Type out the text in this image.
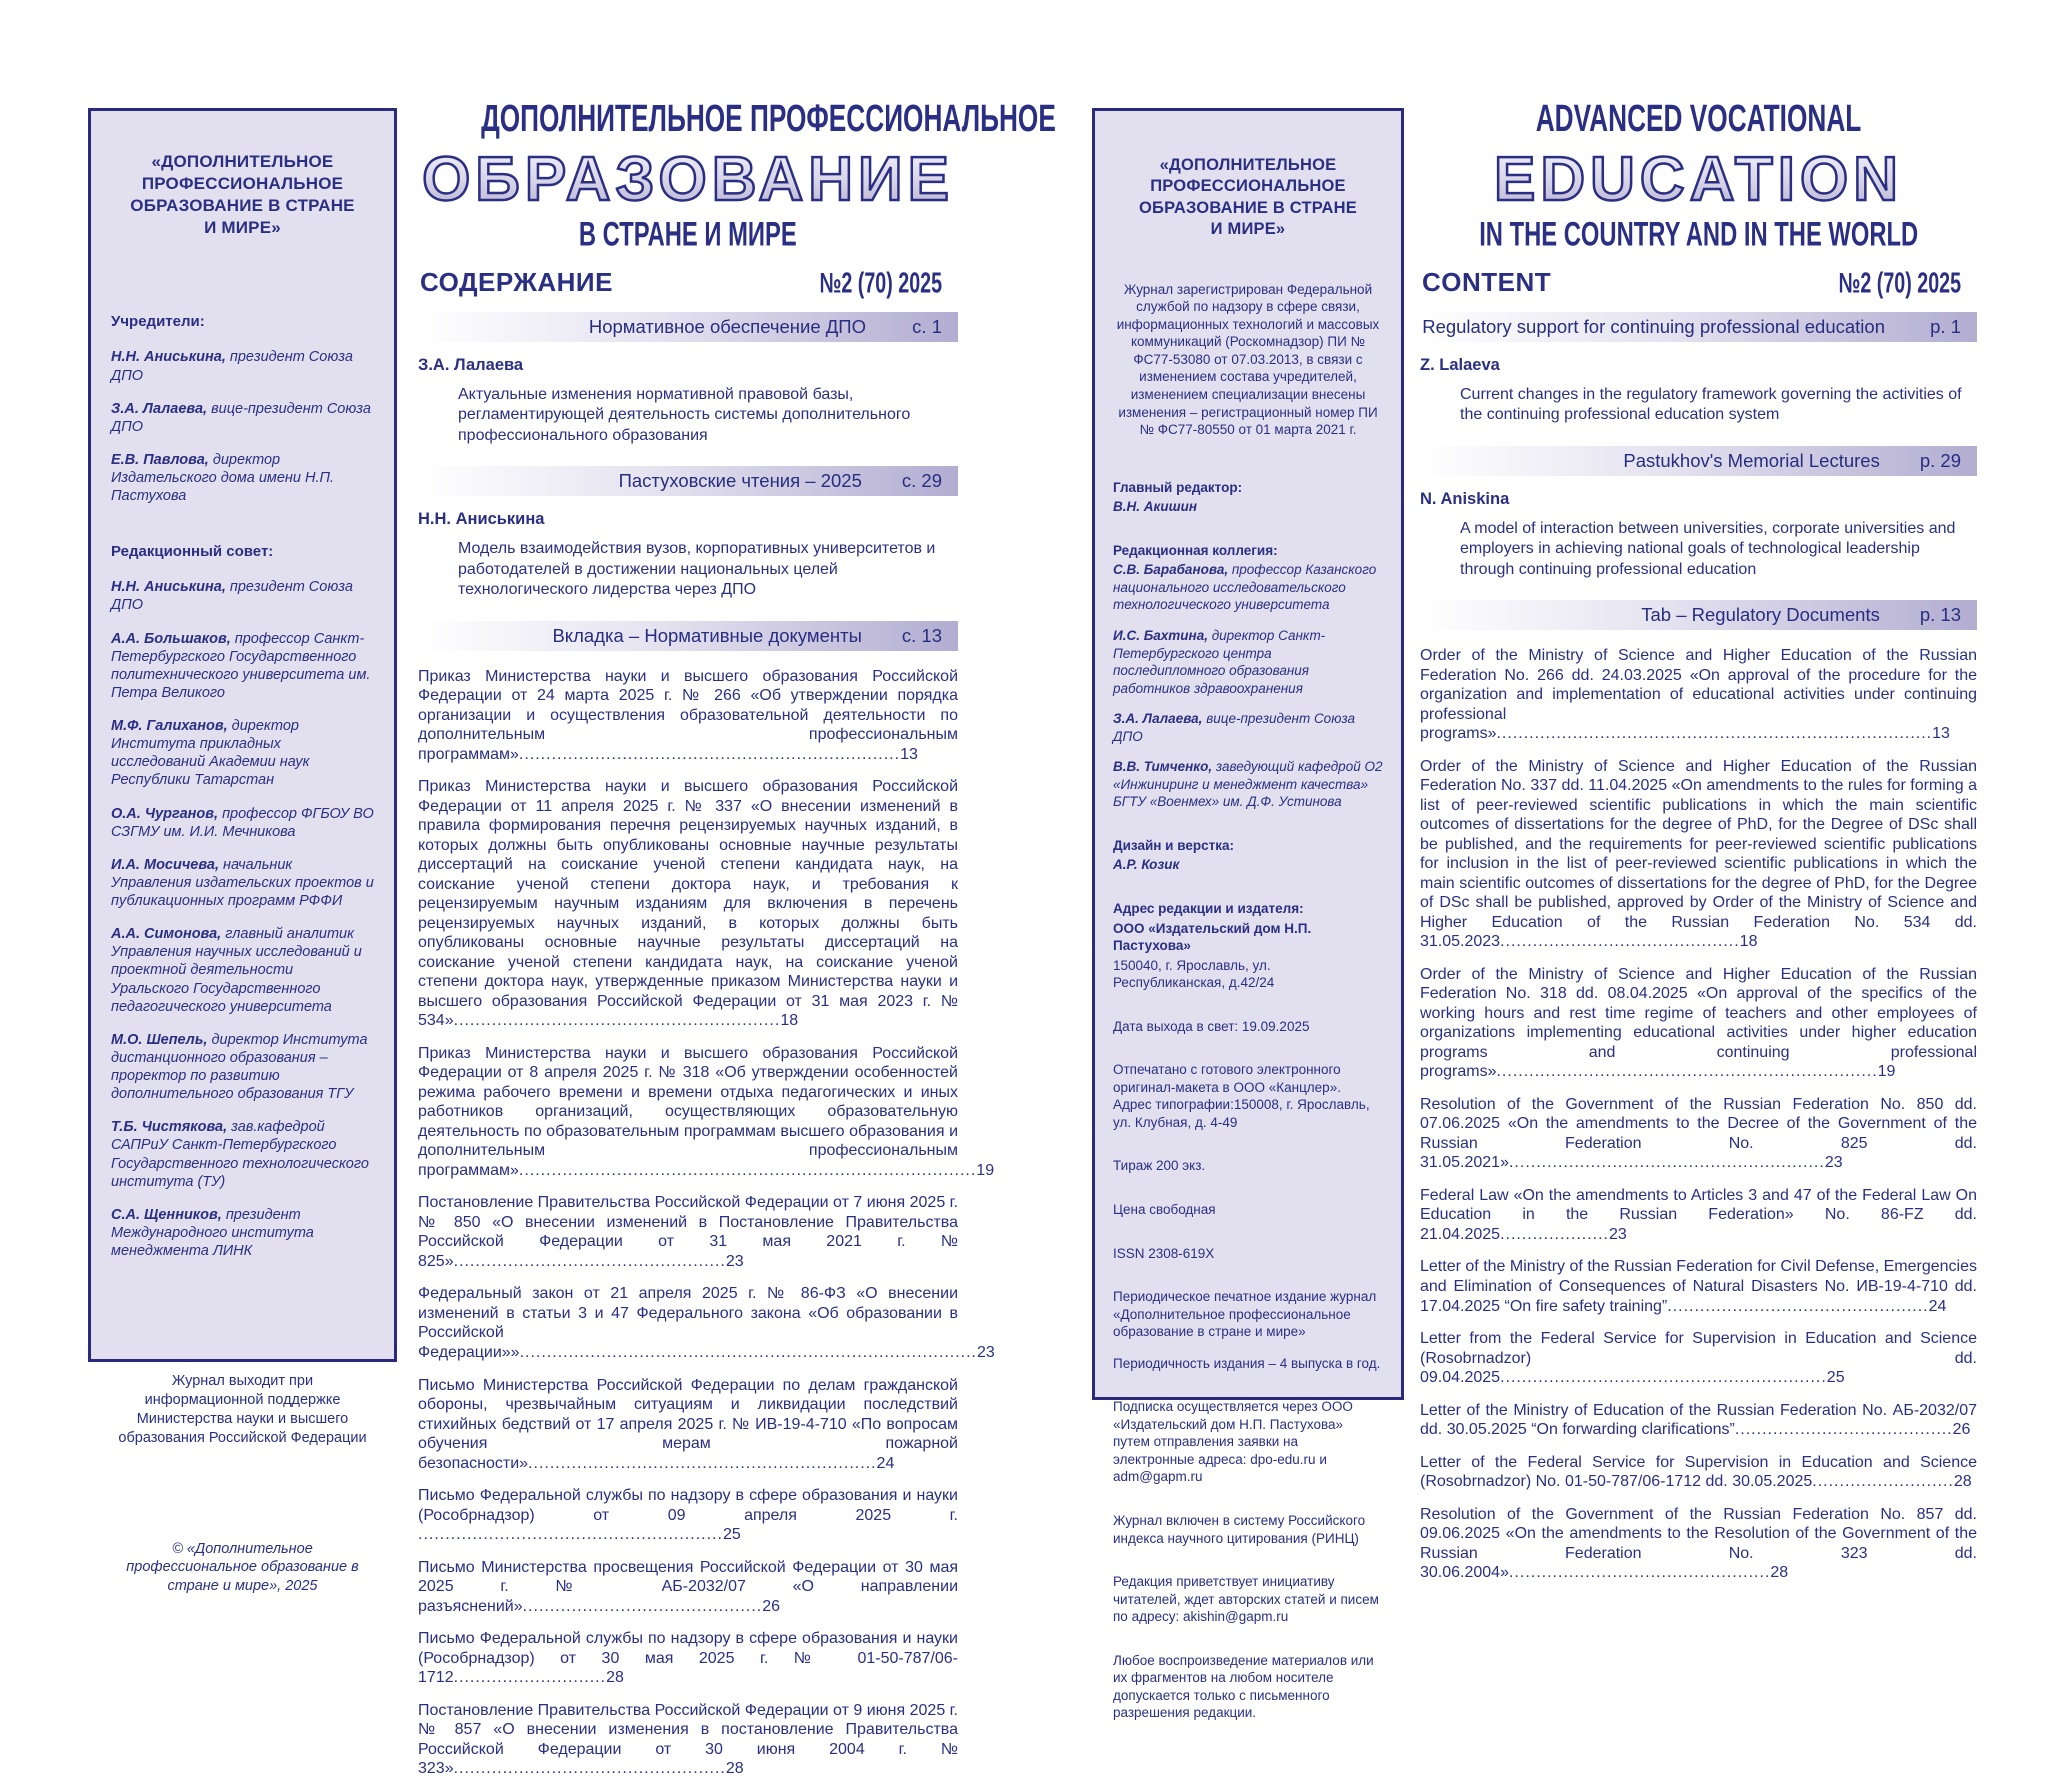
«ДОПОЛНИТЕЛЬНОЕ ПРОФЕССИОНАЛЬНОЕ ОБРАЗОВАНИЕ В СТРАНЕ И МИРЕ»

Учредители:

Н.Н. Аниськина, президент Союза ДПО

З.А. Лалаева, вице-президент Союза ДПО

Е.В. Павлова, директор Издательского дома имени Н.П. Пастухова

Редакционный совет:

Н.Н. Аниськина, президент Союза ДПО

А.А. Большаков, профессор Санкт-Петербургского Государственного политехнического университета им. Петра Великого

М.Ф. Галиханов, директор Института прикладных исследований Академии наук Республики Татарстан

О.А. Чурганов, профессор ФГБОУ ВО СЗГМУ им. И.И. Мечникова

И.А. Мосичева, начальник Управления издательских проектов и публикационных программ РФФИ

А.А. Симонова, главный аналитик Управления научных исследований и проектной деятельности Уральского Государственного педагогического университета

М.О. Шепель, директор Института дистанционного образования – проректор по развитию дополнительного образования ТГУ

Т.Б. Чистякова, зав.кафедрой САПРиУ Санкт-Петербургского Государственного технологического института (ТУ)

С.А. Щенников, президент Международного института менеджмента ЛИНК

Журнал выходит при информационной поддержке Министерства науки и высшего образования Российской Федерации

© «Дополнительное профессиональное образование в стране и мире», 2025

ДОПОЛНИТЕЛЬНОЕ ПРОФЕССИОНАЛЬНОЕ
ОБРАЗОВАНИЕ
В СТРАНЕ И МИРЕ
СОДЕРЖАНИЕ	№2 (70) 2025
Нормативное обеспечение ДПО	с. 1

З.А. Лалаева

Актуальные изменения нормативной правовой базы, регламентирующей деятельность системы дополнительного профессионального образования

Пастуховские чтения – 2025 с. 29

Н.Н. Аниськина

Модель взаимодействия вузов, корпоративных университетов и работодателей в достижении национальных целей технологического лидерства через ДПО

Вкладка – Нормативные документы с. 13

Приказ Министерства науки и высшего образования Российской Федерации от 24 марта 2025 г. № 266 «Об утверждении порядка организации и осуществления образовательной деятельности по дополнительным профессиональным программам»......................................................................13

Приказ Министерства науки и высшего образования Российской Федерации от 11 апреля 2025 г. № 337 «О внесении изменений в правила формирования перечня рецензируемых научных изданий, в которых должны быть опубликованы основные научные результаты диссертаций на соискание ученой степени кандидата наук, на соискание ученой степени доктора наук, и требования к рецензируемым научным изданиям для включения в перечень рецензируемых научных изданий, в которых должны быть опубликованы основные научные результаты диссертаций на соискание ученой степени кандидата наук, на соискание ученой степени доктора наук, утвержденные приказом Министерства науки и высшего образования Российской Федерации от 31 мая 2023 г. № 534»............................................................18

Приказ Министерства науки и высшего образования Российской Федерации от 8 апреля 2025 г. № 318 «Об утверждении особенностей режима рабочего времени и времени отдыха педагогических и иных работников организаций, осуществляющих образовательную деятельность по образовательным программам высшего образования и дополнительным профессиональным программам»....................................................................................19

Постановление Правительства Российской Федерации от 7 июня 2025 г. № 850 «О внесении изменений в Постановление Правительства Российской Федерации от 31 мая 2021 г. № 825»..................................................23

Федеральный закон от 21 апреля 2025 г. № 86-ФЗ «О внесении изменений в статьи 3 и 47 Федерального закона «Об образовании в Российской Федерации»»....................................................................................23

Письмо Министерства Российской Федерации по делам гражданской обороны, чрезвычайным ситуациям и ликвидации последствий стихийных бедствий от 17 апреля 2025 г. № ИВ-19-4-710 «По вопросам обучения мерам пожарной безопасности»................................................................24

Письмо Федеральной службы по надзору в сфере образования и науки (Рособрнадзор) от 09 апреля 2025 г. ........................................................25

Письмо Министерства просвещения Российской Федерации от 30 мая 2025 г. № АБ-2032/07 «О направлении разъяснений»............................................26

Письмо Федеральной службы по надзору в сфере образования и науки (Рособрнадзор) от 30 мая 2025 г. № 01-50-787/06-1712............................28

Постановление Правительства Российской Федерации от 9 июня 2025 г. № 857 «О внесении изменения в постановление Правительства Российской Федерации от 30 июня 2004 г. № 323»..................................................28

«ДОПОЛНИТЕЛЬНОЕ ПРОФЕССИОНАЛЬНОЕ ОБРАЗОВАНИЕ В СТРАНЕ И МИРЕ»

Журнал зарегистрирован Федеральной службой по надзору в сфере связи, информационных технологий и массовых коммуникаций (Роскомнадзор) ПИ № ФС77-53080 от 07.03.2013, в связи с изменением состава учредителей, изменением специализации внесены изменения – регистрационный номер ПИ № ФС77-80550 от 01 марта 2021 г.

Главный редактор:

В.Н. Акишин

Редакционная коллегия:

С.В. Барабанова, профессор Казанского национального исследовательского технологического университета

И.С. Бахтина, директор Санкт-Петербургского центра последипломного образования работников здравоохранения

З.А. Лалаева, вице-президент Союза ДПО

В.В. Тимченко, заведующий кафедрой О2 «Инжиниринг и менеджмент качества» БГТУ «Военмех» им. Д.Ф. Устинова

Дизайн и верстка:

А.Р. Козик

Адрес редакции и издателя:

ООО «Издательский дом Н.П. Пастухова»

150040, г. Ярославль, ул. Республиканская, д.42/24

Дата выхода в свет: 19.09.2025

Отпечатано с готового электронного оригинал-макета в ООО «Канцлер». Адрес типографии:150008, г. Ярославль, ул. Клубная, д. 4-49

Тираж 200 экз.

Цена свободная

ISSN 2308-619X

Периодическое печатное издание журнал «Дополнительное профессиональное образование в стране и мире»

Периодичность издания – 4 выпуска в год.

Подписка осуществляется через ООО «Издательский дом Н.П. Пастухова» путем отправления заявки на электронные адреса: dpo-edu.ru и adm@gapm.ru

Журнал включен в систему Российского индекса научного цитирования (РИНЦ)

Редакция приветствует инициативу читателей, ждет авторских статей и писем по адресу: akishin@gapm.ru

Любое воспроизведение материалов или их фрагментов на любом носителе допускается только с письменного разрешения редакции.

ADVANCED VOCATIONAL
EDUCATION
IN THE COUNTRY AND IN THE WORLD
CONTENT	№2 (70) 2025
Regulatory support for continuing professional education p. 1

Z. Lalaeva

Current changes in the regulatory framework governing the activities of the continuing professional education system

Pastukhov's Memorial Lectures p. 29

N. Aniskina

A model of interaction between universities, corporate universities and employers in achieving national goals of technological leadership through continuing professional education

Tab – Regulatory Documents p. 13

Order of the Ministry of Science and Higher Education of the Russian Federation No. 266 dd. 24.03.2025 «On approval of the procedure for the organization and implementation of educational activities under continuing professional programs»................................................................................13

Order of the Ministry of Science and Higher Education of the Russian Federation No. 337 dd. 11.04.2025 «On amendments to the rules for forming a list of peer-reviewed scientific publications in which the main scientific outcomes of dissertations for the degree of PhD, for the Degree of DSc shall be published, and the requirements for peer-reviewed scientific publications for inclusion in the list of peer-reviewed scientific publications in which the main scientific outcomes of dissertations for the degree of PhD, for the Degree of DSc shall be published, approved by Order of the Ministry of Science and Higher Education of the Russian Federation No. 534 dd. 31.05.2023............................................18

Order of the Ministry of Science and Higher Education of the Russian Federation No. 318 dd. 08.04.2025 «On approval of the specifics of the working hours and rest time regime of teachers and other employees of organizations implementing educational activities under higher education programs and continuing professional programs»......................................................................19

Resolution of the Government of the Russian Federation No. 850 dd. 07.06.2025 «On the amendments to the Decree of the Government of the Russian Federation No. 825 dd. 31.05.2021»..........................................................23

Federal Law «On the amendments to Articles 3 and 47 of the Federal Law On Education in the Russian Federation» No. 86-FZ dd. 21.04.2025....................23

Letter of the Ministry of the Russian Federation for Civil Defense, Emergencies and Elimination of Consequences of Natural Disasters No. ИВ-19-4-710 dd. 17.04.2025 “On fire safety training”................................................24

Letter from the Federal Service for Supervision in Education and Science (Rosobrnadzor) dd. 09.04.2025............................................................25

Letter of the Ministry of Education of the Russian Federation No. АБ-2032/07 dd. 30.05.2025 “On forwarding clarifications”........................................26

Letter of the Federal Service for Supervision in Education and Science (Rosobrnadzor) No. 01-50-787/06-1712 dd. 30.05.2025..........................28

Resolution of the Government of the Russian Federation No. 857 dd. 09.06.2025 «On the amendments to the Resolution of the Government of the Russian Federation No. 323 dd. 30.06.2004»................................................28
